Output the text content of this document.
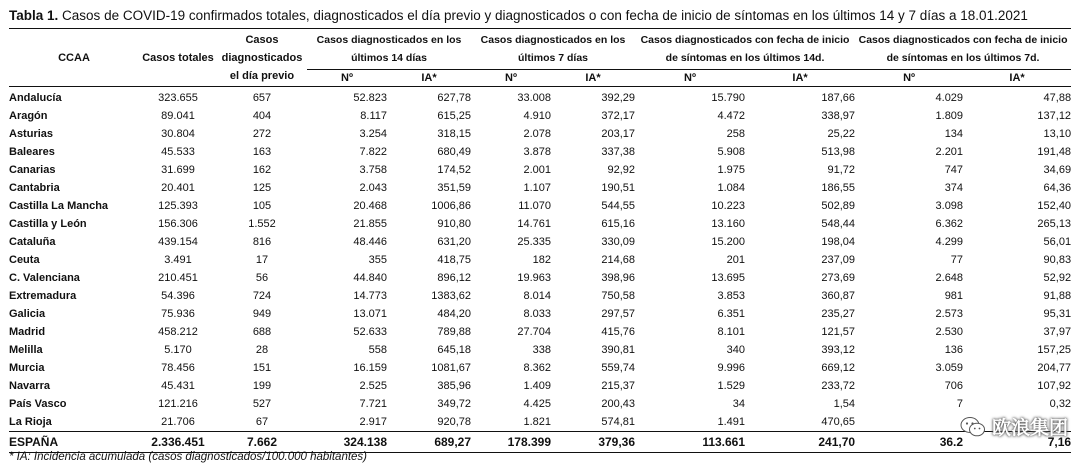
Tabla 1. Casos de COVID-19 confirmados totales, diagnosticados el día previo y diagnosticados o con fecha de inicio de síntomas en los últimos 14 y 7 días a 18.01.2021
CCAA	Casos totales	Casos diagnosticados el día previo	Casos diagnosticados en los últimos 14 días		Casos diagnosticados en los últimos 7 días		Casos diagnosticados con fecha de inicio de síntomas en los últimos 14d.		Casos diagnosticados con fecha de inicio de síntomas en los últimos 7d.	
			Nº	IA*	Nº	IA*	Nº	IA*	Nº	IA*
Andalucía	323.655	657	52.823	627,78	33.008	392,29	15.790	187,66	4.029	47,88
Aragón	89.041	404	8.117	615,25	4.910	372,17	4.472	338,97	1.809	137,12
Asturias	30.804	272	3.254	318,15	2.078	203,17	258	25,22	134	13,10
Baleares	45.533	163	7.822	680,49	3.878	337,38	5.908	513,98	2.201	191,48
Canarias	31.699	162	3.758	174,52	2.001	92,92	1.975	91,72	747	34,69
Cantabria	20.401	125	2.043	351,59	1.107	190,51	1.084	186,55	374	64,36
Castilla La Mancha	125.393	105	20.468	1006,86	11.070	544,55	10.223	502,89	3.098	152,40
Castilla y León	156.306	1.552	21.855	910,80	14.761	615,16	13.160	548,44	6.362	265,13
Cataluña	439.154	816	48.446	631,20	25.335	330,09	15.200	198,04	4.299	56,01
Ceuta	3.491	17	355	418,75	182	214,68	201	237,09	77	90,83
C. Valenciana	210.451	56	44.840	896,12	19.963	398,96	13.695	273,69	2.648	52,92
Extremadura	54.396	724	14.773	1383,62	8.014	750,58	3.853	360,87	981	91,88
Galicia	75.936	949	13.071	484,20	8.033	297,57	6.351	235,27	2.573	95,31
Madrid	458.212	688	52.633	789,88	27.704	415,76	8.101	121,57	2.530	37,97
Melilla	5.170	28	558	645,18	338	390,81	340	393,12	136	157,25
Murcia	78.456	151	16.159	1081,67	8.362	559,74	9.996	669,12	3.059	204,77
Navarra	45.431	199	2.525	385,96	1.409	215,37	1.529	233,72	706	107,92
País Vasco	121.216	527	7.721	349,72	4.425	200,43	34	1,54	7	0,32
La Rioja	21.706	67	2.917	920,78	1.821	574,81	1.491	470,65		
ESPAÑA	2.336.451	7.662	324.138	689,27	178.399	379,36	113.661	241,70	36.2	7,16
* IA: Incidencia acumulada (casos diagnosticados/100.000 habitantes)
欧浪集团
